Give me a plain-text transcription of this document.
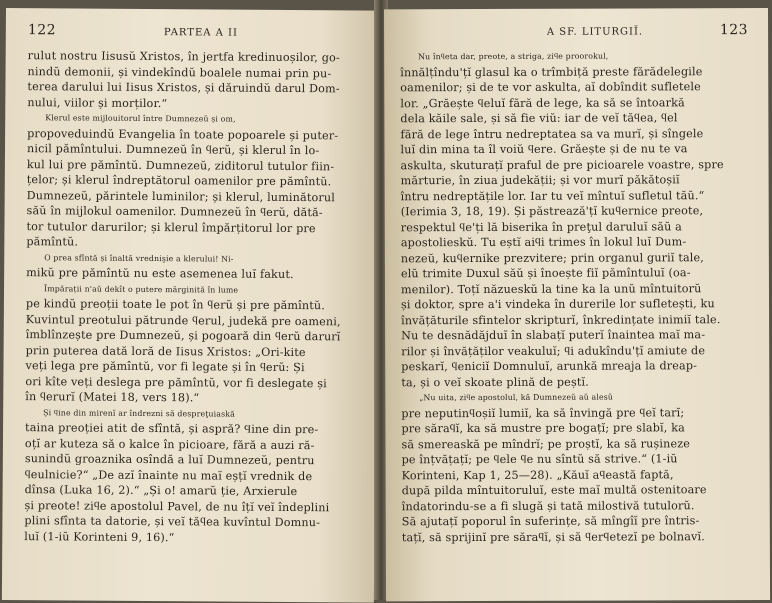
122	PARTEA A II
rulut nostru Iisusŭ Xristos, în jertfa kredinuoșilor, go-
nindŭ demonii, și vindekîndŭ boalele numai prin pu-
terea darului lui Iisus Xristos, și dăruindŭ darul Dom-
nului, viilor și morților.“
Klerul este mijlouitorul între Dumnezeŭ și om,
propoveduindŭ Evangelia în toate popoarele și puter-
nicil pămîntului. Dumnezeŭ în ϥerŭ, și klerul în lo-
kul lui pre pămîntŭ. Dumnezeŭ, ziditorul tutulor fiin-
țelor; și klerul îndreptătorul oamenilor pre pămîntŭ.
Dumnezeŭ, părintele luminilor; și klerul, luminătorul
săŭ în mijlokul oamenilor. Dumnezeŭ în ϥerŭ, dătă-
tor tutulor darurilor; și klerul împărțitorul lor pre
pămîntŭ.
O prea sfîntă și înaltă vrednişie a klerului! Ni-
mikŭ pre pămîntŭ nu este asemenea luĭ fakut.
Împărații n'aŭ dekît o putere mărginită în lume
pe kindŭ preoții toate le pot în ϥerŭ și pre pămîntŭ.
Kuvintul preotului pătrunde ϥerul, judekă pre oameni,
îmblînzește pre Dumnezeŭ, și pogoară din ϥerŭ darurĭ
prin puterea dată loră de Iisus Xristos: „Ori-kite
veți lega pre pămîntŭ, vor fi legate și în ϥerŭ: Și
ori kîte veți deslega pre pămîntŭ, vor fi deslegate și
în ϥerurĭ (Matei 18, vers 18).“
Și ϥine din mirenĭ ar îndrezni să despreţuiaskă
taina preoției atit de sfîntă, și aspră? Ϥine din pre-
oțĭ ar kuteza să o kalce în picioare, fără a auzi ră-
sunindŭ groaznika osîndă a luĭ Dumnezeŭ, pentru
ϥeulnicie?“ „De azĭ înainte nu maĭ eșțĭ vrednik de
dînsa (Luka 16, 2).“ „Și o! amarŭ ție, Arxierule
și preote! ziϥe apostolul Pavel, de nu îțĭ veĭ îndeplini
plini sfînta ta datorie, și veĭ tăϥea kuvîntul Domnu-
luĭ (1-iŭ Korinteni 9, 16).“
A SF. LITURGIĬ.	123
Nu înϥeta dar, preote, a striga, ziϥe proorokul,
înnălțîndu'țĭ glasul ka o trîmbiță preste fărădelegile
oamenilor; și de te vor askulta, aĭ dobîndit sufletele
lor. „Grăește ϥeluĭ fără de lege, ka să se întoarkă
dela kăile sale, și să fie viŭ: iar de veĭ tăϥea, ϥel
fără de lege întru nedreptatea sa va murĭ, și sîngele
luĭ din mina ta îl voiŭ ϥere. Grăește și de nu te va
askulta, skuturațĭ praful de pre picioarele voastre, spre
mărturie, în ziua judekății; și vor murĭ păkătoșiĭ
întru nedreptățile lor. Iar tu veĭ mîntuĭ sufletul tăŭ.“
(Ierimia 3, 18, 19). Și păstrează'țĭ kuϥernice preote,
respektul ϥe'ți lă biserika în preţul daruluĭ săŭ a
apostolieskŭ. Tu eștĭ aiϥi trimes în lokul luĭ Dum-
nezeŭ, kuϥernike prezvitere; prin organul guriĭ tale,
elŭ trimite Duxul săŭ și înoește fiĭ pămîntuluĭ (oa-
menilor). Toțĭ năzueskŭ la tine ka la unŭ mîntuitorŭ
și doktor, spre a'i vindeka în durerile lor sufletești, ku
învățăturile sfintelor skripturĭ, înkredințate inimiĭ tale.
Nu te desnădăjduĭ în slabațĭ puterĭ înaintea maĭ ma-
rilor și învățăților veakuluĭ; ϥi adukîndu'țĭ amiute de
peskarĭ, ϥeniciĭ Domnuluĭ, arunkă mreaja la dreap-
ta, și o veĭ skoate plină de peștĭ.
„Nu uita, ziϥe apostolul, kă Dumnezeŭ aŭ alesŭ
pre neputinϥoșiĭ lumiĭ, ka să învingă pre ϥeĭ tarĭ;
pre săraϥĭ, ka să mustre pre bogațĭ; pre slabĭ, ka
să smereaskă pe mîndrĭ; pe proștĭ, ka să rușineze
pe înțvățațĭ; pe ϥele ϥe nu sîntŭ să strive.“ (1-iŭ
Korinteni, Kap 1, 25—28). „Kăuĭ aϥeastă faptă,
după pilda mîntuitoruluĭ, este maĭ multă ostenitoare
îndatorindu-se a fi slugă și tată milostivă tutulorŭ.
Să ajutațĭ poporul în suferințe, să mîngîĭ pre întris-
tațĭ, să sprijinĭ pre săraϥĭ, și să ϥerϥetezĭ pe bolnavĭ.
